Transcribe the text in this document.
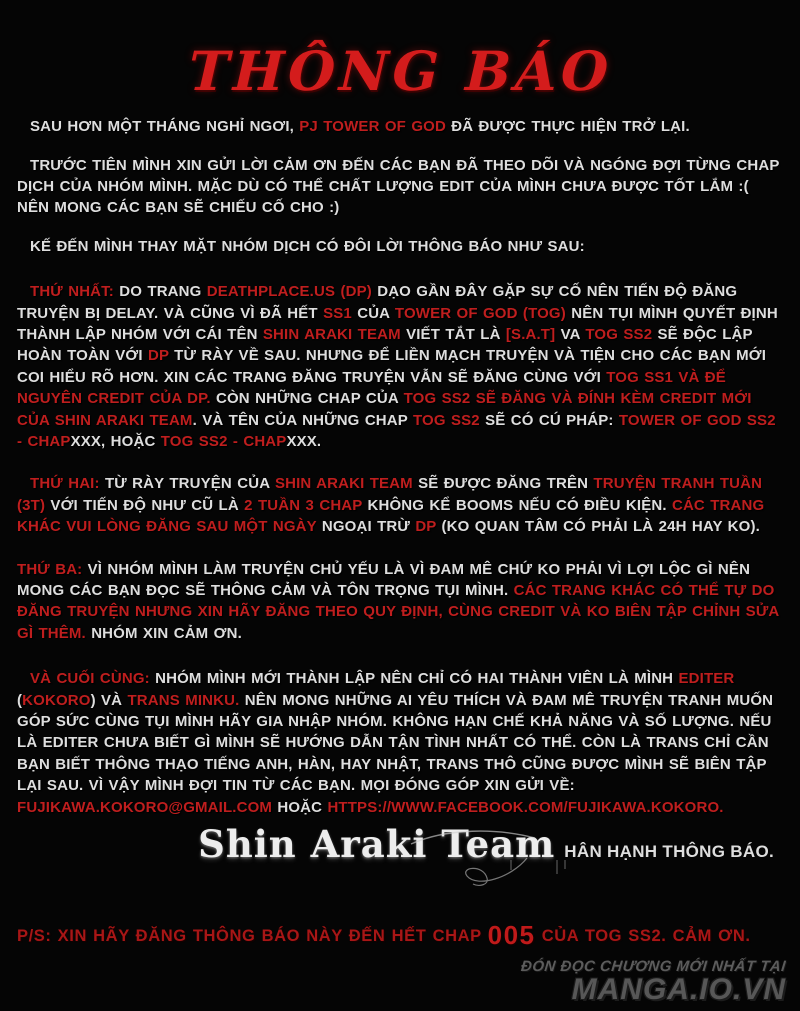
THÔNG BÁO

SAU HƠN MỘT THÁNG NGHỈ NGƠI, PJ TOWER OF GOD ĐÃ ĐƯỢC THỰC HIỆN TRỞ LẠI.

TRƯỚC TIÊN MÌNH XIN GỬI LỜI CẢM ƠN ĐẾN CÁC BẠN ĐÃ THEO DÕI VÀ NGÓNG ĐỢI TỪNG CHAP DỊCH CỦA NHÓM MÌNH. MẶC DÙ CÓ THỂ CHẤT LƯỢNG EDIT CỦA MÌNH CHƯA ĐƯỢC TỐT LẮM :( NÊN MONG CÁC BẠN SẼ CHIẾU CỐ CHO :)

KẾ ĐẾN MÌNH THAY MẶT NHÓM DỊCH CÓ ĐÔI LỜI THÔNG BÁO NHƯ SAU:

THỨ NHẤT: DO TRANG DEATHPLACE.US (DP) DẠO GẦN ĐÂY GẶP SỰ CỐ NÊN TIẾN ĐỘ ĐĂNG TRUYỆN BỊ DELAY. VÀ CŨNG VÌ ĐÃ HẾT SS1 CỦA TOWER OF GOD (TOG) NÊN TỤI MÌNH QUYẾT ĐỊNH THÀNH LẬP NHÓM VỚI CÁI TÊN SHIN ARAKI TEAM VIẾT TẮT LÀ [S.A.T] VA TOG SS2 SẼ ĐỘC LẬP HOÀN TOÀN VỚI DP TỪ RÀY VỀ SAU. NHƯNG ĐỂ LIỀN MẠCH TRUYỆN VÀ TIỆN CHO CÁC BẠN MỚI COI HIỂU RÕ HƠN. XIN CÁC TRANG ĐĂNG TRUYỆN VẪN SẼ ĐĂNG CÙNG VỚI TOG SS1 VÀ ĐỂ NGUYÊN CREDIT CỦA DP. CÒN NHỮNG CHAP CỦA TOG SS2 SẼ ĐĂNG VÀ ĐÍNH KÈM CREDIT MỚI CỦA SHIN ARAKI TEAM. VÀ TÊN CỦA NHỮNG CHAP TOG SS2 SẼ CÓ CÚ PHÁP: TOWER OF GOD SS2 - CHAPXXX, HOẶC TOG SS2 - CHAPXXX.

THỨ HAI: TỪ RÀY TRUYỆN CỦA SHIN ARAKI TEAM SẼ ĐƯỢC ĐĂNG TRÊN TRUYỆN TRANH TUẦN (3T) VỚI TIẾN ĐỘ NHƯ CŨ LÀ 2 TUẦN 3 CHAP KHÔNG KỂ BOOMS NẾU CÓ ĐIỀU KIỆN. CÁC TRANG KHÁC VUI LÒNG ĐĂNG SAU MỘT NGÀY NGOẠI TRỪ DP (KO QUAN TÂM CÓ PHẢI LÀ 24H HAY KO).

THỨ BA: VÌ NHÓM MÌNH LÀM TRUYỆN CHỦ YẾU LÀ VÌ ĐAM MÊ CHỨ KO PHẢI VÌ LỢI LỘC GÌ NÊN MONG CÁC BẠN ĐỌC SẼ THÔNG CẢM VÀ TÔN TRỌNG TỤI MÌNH. CÁC TRANG KHÁC CÓ THỂ TỰ DO ĐĂNG TRUYỆN NHƯNG XIN HÃY ĐĂNG THEO QUY ĐỊNH, CÙNG CREDIT VÀ KO BIÊN TẬP CHỈNH SỬA GÌ THÊM. NHÓM XIN CẢM ƠN.

VÀ CUỐI CÙNG: NHÓM MÌNH MỚI THÀNH LẬP NÊN CHỈ CÓ HAI THÀNH VIÊN LÀ MÌNH EDITER (KOKORO) VÀ TRANS MINKU. NÊN MONG NHỮNG AI YÊU THÍCH VÀ ĐAM MÊ TRUYỆN TRANH MUỐN GÓP SỨC CÙNG TỤI MÌNH HÃY GIA NHẬP NHÓM. KHÔNG HẠN CHẾ KHẢ NĂNG VÀ SỐ LƯỢNG. NẾU LÀ EDITER CHƯA BIẾT GÌ MÌNH SẼ HƯỚNG DẪN TẬN TÌNH NHẤT CÓ THỂ. CÒN LÀ TRANS CHỈ CẦN BẠN BIẾT THÔNG THẠO TIẾNG ANH, HÀN, HAY NHẬT, TRANS THÔ CŨNG ĐƯỢC MÌNH SẼ BIÊN TẬP LẠI SAU. VÌ VẬY MÌNH ĐỢI TIN TỪ CÁC BẠN. MỌI ĐÓNG GÓP XIN GỬI VỀ: FUJIKAWA.KOKORO@GMAIL.COM HOẶC HTTPS://WWW.FACEBOOK.COM/FUJIKAWA.KOKORO.

Shin Araki Team HÂN HẠNH THÔNG BÁO.
P/S: XIN HÃY ĐĂNG THÔNG BÁO NÀY ĐẾN HẾT CHAP 005 CỦA TOG SS2. CẢM ƠN.
ĐÓN ĐỌC CHƯƠNG MỚI NHẤT TẠI
MANGA.IO.VN
